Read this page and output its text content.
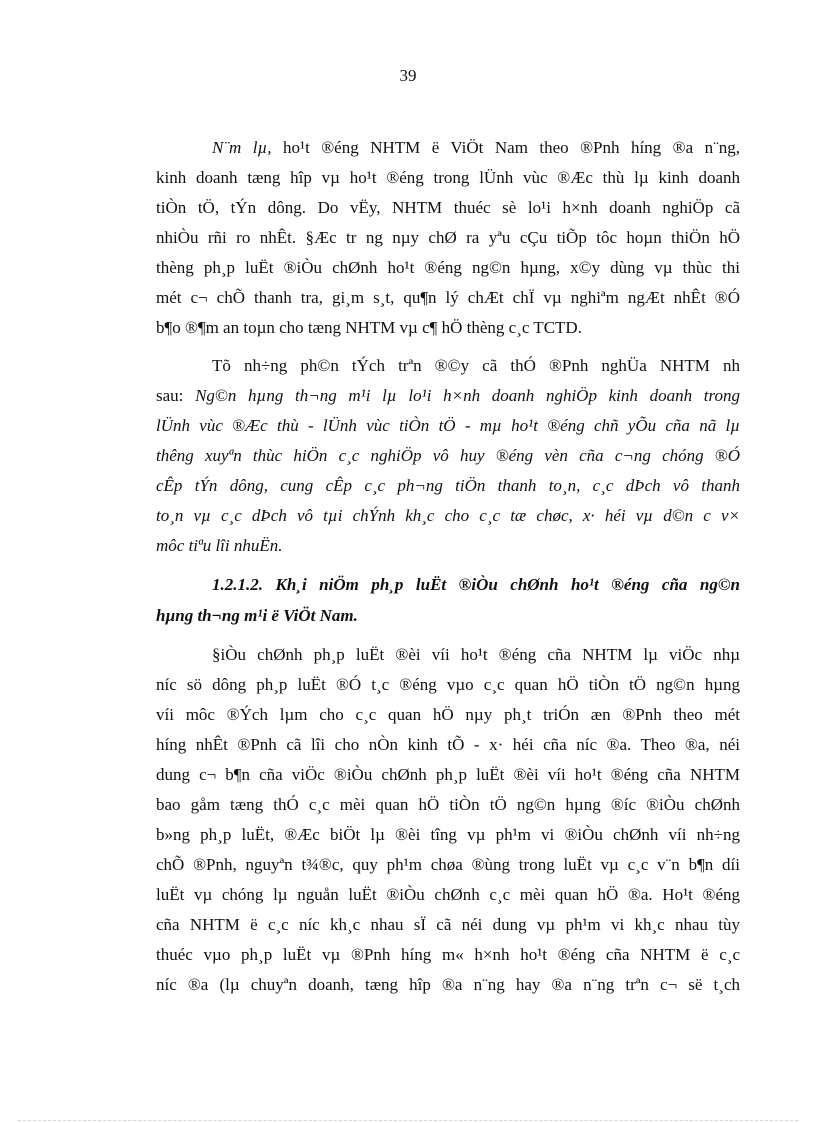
39
N¨m lµ, ho¹t ®éng NHTM ë ViÖt Nam theo ®Pnh híng ®a n¨ng,
kinh doanh tæng hîp vµ ho¹t ®éng trong lÜnh vùc ®Æc thù lµ kinh doanh
tiÒn tÖ, tÝn dông. Do vËy, NHTM thuéc sè lo¹i h×nh doanh nghiÖp cã
nhiÒu rñi ro nhÊt. §Æc tr ng nµy chØ ra yªu cÇu tiÕp tôc hoµn thiÖn hÖ
thèng ph¸p luËt ®iÒu chØnh ho¹t ®éng ng©n hµng, x©y dùng vµ thùc thi
mét c¬ chÕ thanh tra, gi¸m s¸t, qu¶n lý chÆt chÏ vµ nghiªm ngÆt nhÊt ®Ó
b¶o ®¶m an toµn cho tæng NHTM vµ c¶ hÖ thèng c¸c TCTD.
Tõ nh÷ng ph©n tÝch trªn ®©y cã thÓ ®Pnh nghÜa NHTM nh
sau: Ng©n hµng th¬ng m¹i lµ lo¹i h×nh doanh nghiÖp kinh doanh trong
lÜnh vùc ®Æc thù - lÜnh vùc tiÒn tÖ - mµ ho¹t ®éng chñ yÕu cña nã lµ
thêng xuyªn thùc hiÖn c¸c nghiÖp vô huy ®éng vèn cña c¬ng chóng ®Ó
cÊp tÝn dông, cung cÊp c¸c ph¬ng tiÖn thanh to¸n, c¸c dÞch vô thanh
to¸n vµ c¸c dÞch vô tµi chÝnh kh¸c cho c¸c tæ chøc, x· héi vµ d©n c v×
môc tiªu lîi nhuËn.
1.2.1.2. Kh¸i niÖm ph¸p luËt ®iÒu chØnh ho¹t ®éng cña ng©n
hµng th¬ng m¹i ë ViÖt Nam.
§iÒu chØnh ph¸p luËt ®èi víi ho¹t ®éng cña NHTM lµ viÖc nhµ
níc sö dông ph¸p luËt ®Ó t¸c ®éng vµo c¸c quan hÖ tiÒn tÖ ng©n hµng
víi môc ®Ých lµm cho c¸c quan hÖ nµy ph¸t triÓn æn ®Pnh theo mét
híng nhÊt ®Pnh cã lîi cho nÒn kinh tÕ - x· héi cña níc ®a. Theo ®a, néi
dung c¬ b¶n cña viÖc ®iÒu chØnh ph¸p luËt ®èi víi ho¹t ®éng cña NHTM
bao gåm tæng thÓ c¸c mèi quan hÖ tiÒn tÖ ng©n hµng ®íc ®iÒu chØnh
b»ng ph¸p luËt, ®Æc biÖt lµ ®èi tîng vµ ph¹m vi ®iÒu chØnh víi nh÷ng
chÕ ®Pnh, nguyªn t¾®c, quy ph¹m chøa ®ùng trong luËt vµ c¸c v¨n b¶n díi
luËt vµ chóng lµ nguån luËt ®iÒu chØnh c¸c mèi quan hÖ ®a. Ho¹t ®éng
cña NHTM ë c¸c níc kh¸c nhau sÏ cã néi dung vµ ph¹m vi kh¸c nhau tùy
thuéc vµo ph¸p luËt vµ ®Pnh híng m« h×nh ho¹t ®éng cña NHTM ë c¸c
níc ®a (lµ chuyªn doanh, tæng hîp ®a n¨ng hay ®a n¨ng trªn c¬ së t¸ch
